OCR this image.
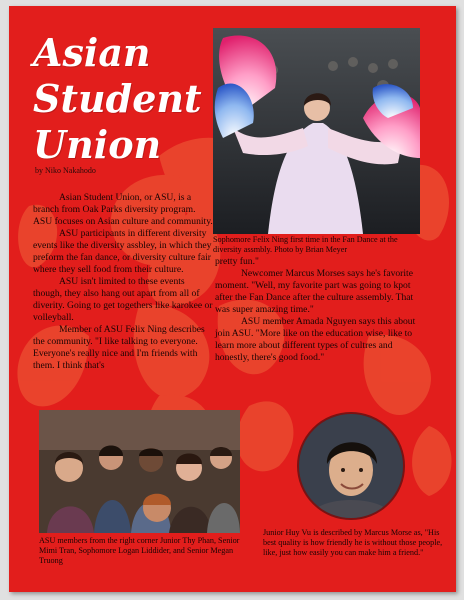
Asian
Student
Union
by Niko Nakahodo

Asian Student Union, or ASU, is a branch from Oak Parks diversity program. ASU focuses on Asian culture and community.

ASU participants in different diversity events like the diversity assbley, in which they preform the fan dance, or diversity culture fair where they sell food from their culture.

ASU isn't limited to these events though, they also hang out apart from all of diverity. Going to get togethers like karokee or volleyball.

Member of ASU Felix Ning describes the community. "I like talking to everyone. Everyone's really nice and I'm friends with them. I think that's

Sophomore Felix Ning first time in the Fan Dance at the diversity assmbly. Photo by Brian Meyer

pretty fun."

Newcomer Marcus Morses says he's favorite moment. "Well, my favorite part was going to kpot after the Fan Dance after the culture assembly. That was super amazing time."

ASU member Amada Nguyen says this about join ASU. "More like on the education wise, like to learn more about different types of cultres and honestly, there's good food."

ASU members from the right corner Junior Thy Phan, Senior Mimi Tran, Sophomore Logan Liddider, and Senior Megan Truong
Junior Huy Vu is described by Marcus Morse as, "His best quality is how friendly he is without those people, like, just how easily you can make him a friend."
